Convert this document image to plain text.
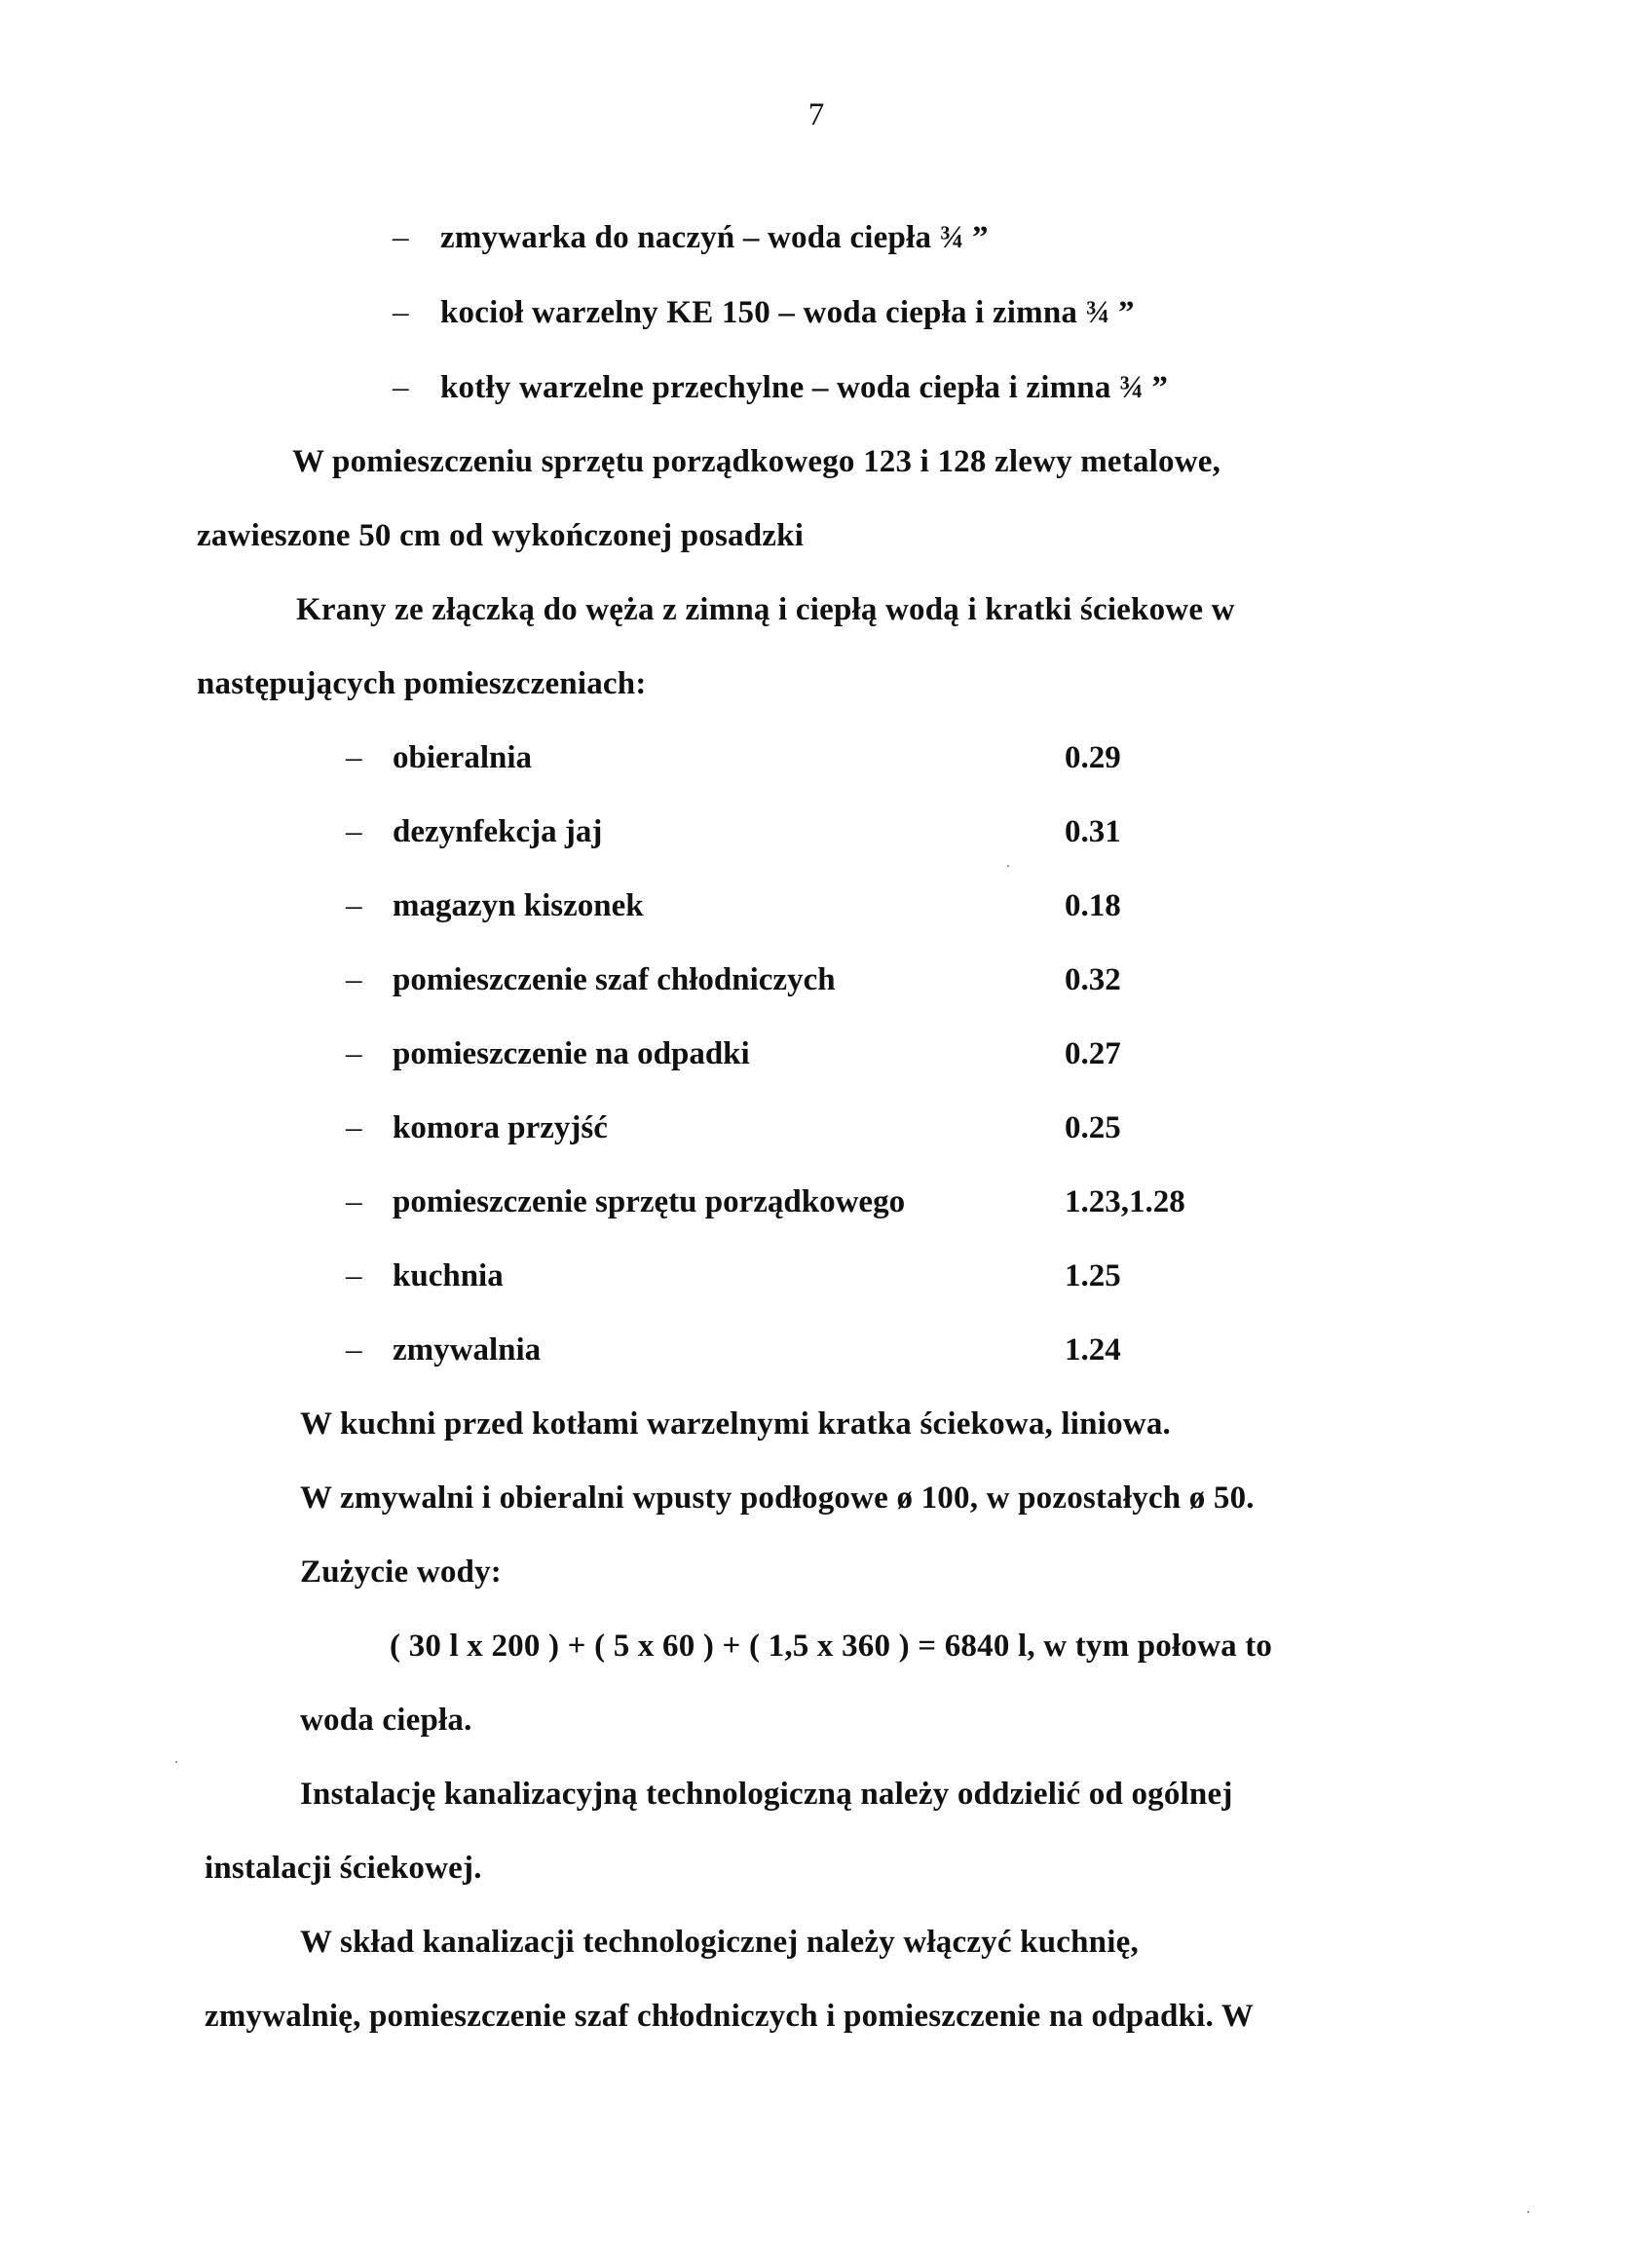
7
– zmywarka do naczyń – woda ciepła ¾ ”
– kocioł warzelny KE 150 – woda ciepła i zimna ¾ ”
– kotły warzelne przechylne – woda ciepła i zimna ¾ ”
W pomieszczeniu sprzętu porządkowego 123 i 128 zlewy metalowe,
zawieszone 50 cm od wykończonej posadzki
Krany ze złączką do węża z zimną i ciepłą wodą i kratki ściekowe w
następujących pomieszczeniach:
– obieralnia	0.29
– dezynfekcja jaj	0.31
– magazyn kiszonek	0.18
– pomieszczenie szaf chłodniczych	0.32
– pomieszczenie na odpadki	0.27
– komora przyjść	0.25
– pomieszczenie sprzętu porządkowego	1.23,1.28
– kuchnia	1.25
– zmywalnia	1.24
W kuchni przed kotłami warzelnymi kratka ściekowa, liniowa.
W zmywalni i obieralni wpusty podłogowe ø 100, w pozostałych ø 50.
Zużycie wody:
( 30 l x 200 ) + ( 5 x 60 ) + ( 1,5 x 360 ) = 6840 l, w tym połowa to
woda ciepła.
Instalację kanalizacyjną technologiczną należy oddzielić od ogólnej
instalacji ściekowej.
W skład kanalizacji technologicznej należy włączyć kuchnię,
zmywalnię, pomieszczenie szaf chłodniczych i pomieszczenie na odpadki. W
